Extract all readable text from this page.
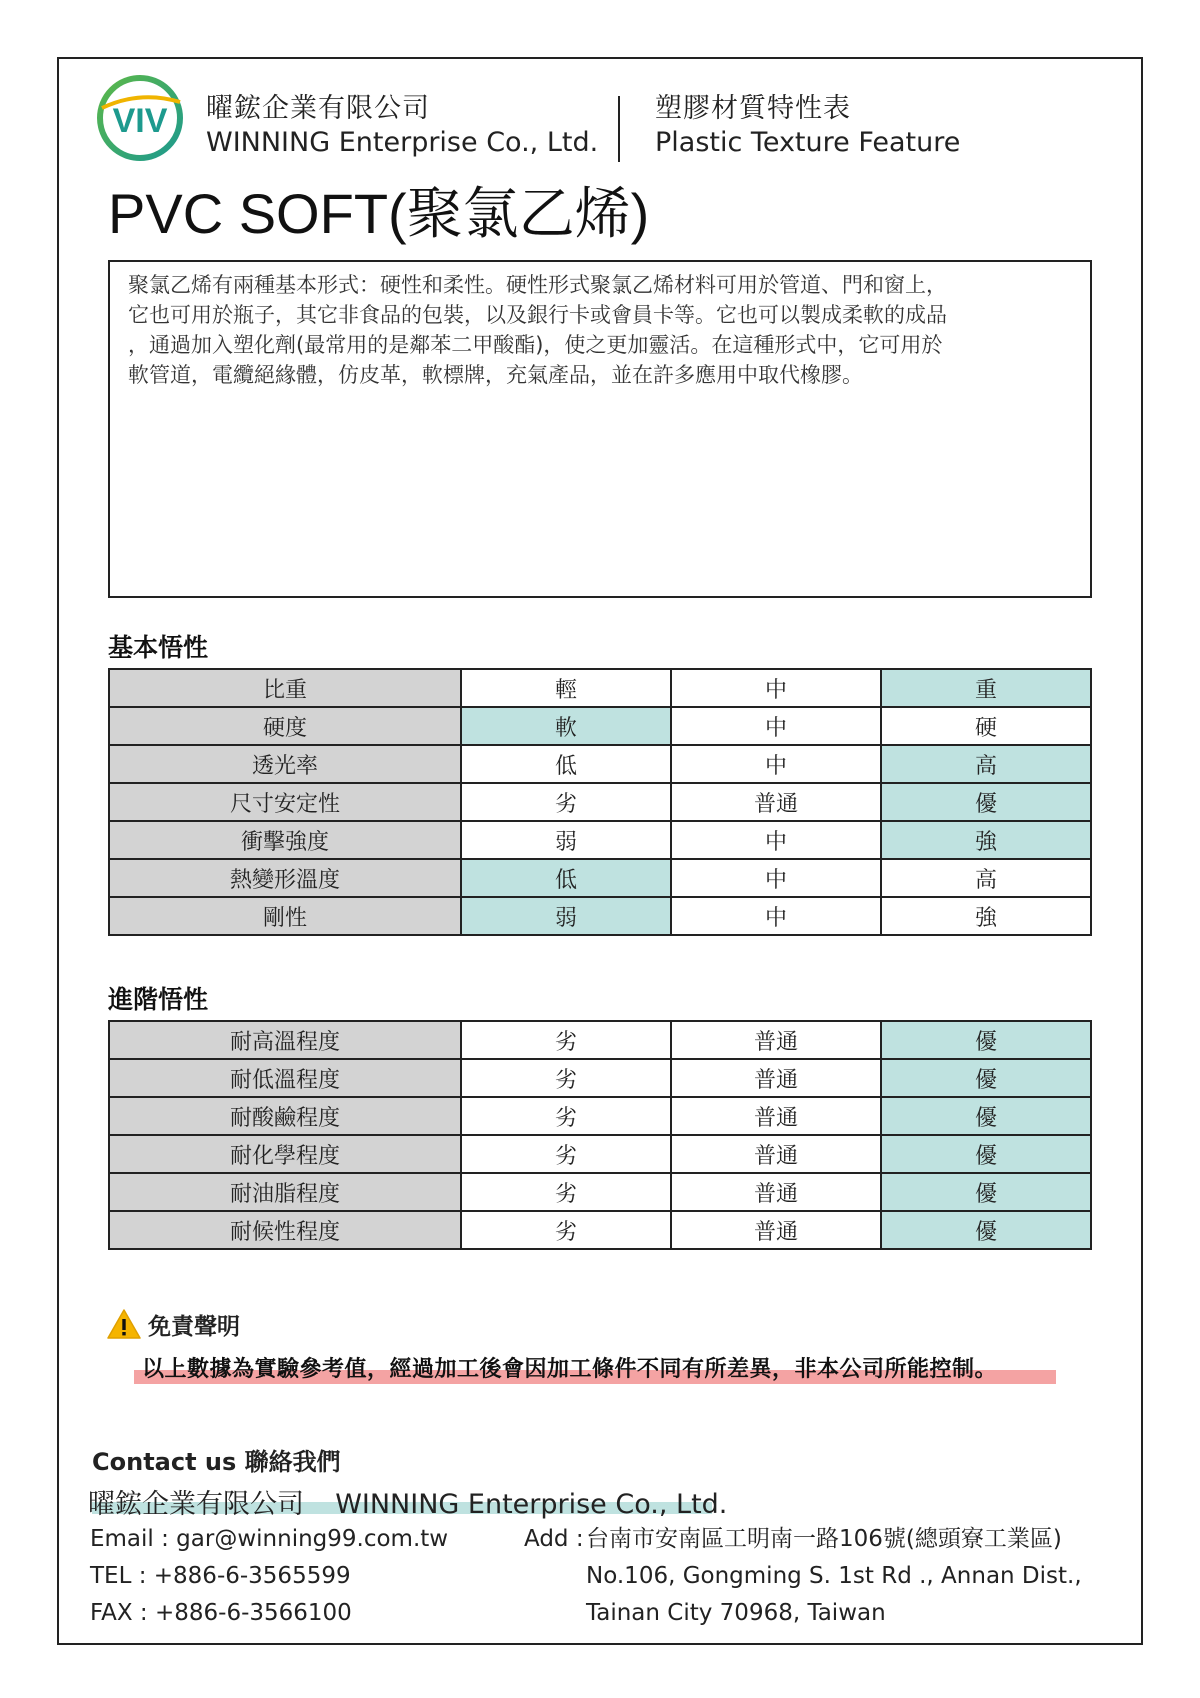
VIV 曜鋐企業有限公司
WINNING Enterprise Co., Ltd.
塑膠材質特性表
Plastic Texture Feature
PVC SOFT(聚氯乙烯)
聚氯乙烯有兩種基本形式：硬性和柔性。硬性形式聚氯乙烯材料可用於管道、門和窗上，
它也可用於瓶子，其它非食品的包裝，以及銀行卡或會員卡等。它也可以製成柔軟的成品
，通過加入塑化劑(最常用的是鄰苯二甲酸酯)，使之更加靈活。在這種形式中，它可用於
軟管道，電纜絕緣體，仿皮革，軟標牌，充氣產品，並在許多應用中取代橡膠。
基本悟性
比重	輕	中	重
硬度	軟	中	硬
透光率	低	中	高
尺寸安定性	劣	普通	優
衝擊強度	弱	中	強
熱變形溫度	低	中	高
剛性	弱	中	強
進階悟性
耐高溫程度	劣	普通	優
耐低溫程度	劣	普通	優
耐酸鹼程度	劣	普通	優
耐化學程度	劣	普通	優
耐油脂程度	劣	普通	優
耐候性程度	劣	普通	優
免責聲明
以上數據為實驗參考值，經過加工後會因加工條件不同有所差異，非本公司所能控制。
Contact us 聯絡我們
曜鋐企業有限公司 WINNING Enterprise Co., Ltd.
Email : gar@winning99.com.tw
TEL : +886-6-3565599
FAX : +886-6-3566100
Add : 台南市安南區工明南一路106號(總頭寮工業區)
No.106, Gongming S. 1st Rd ., Annan Dist.,
Tainan City 70968, Taiwan
